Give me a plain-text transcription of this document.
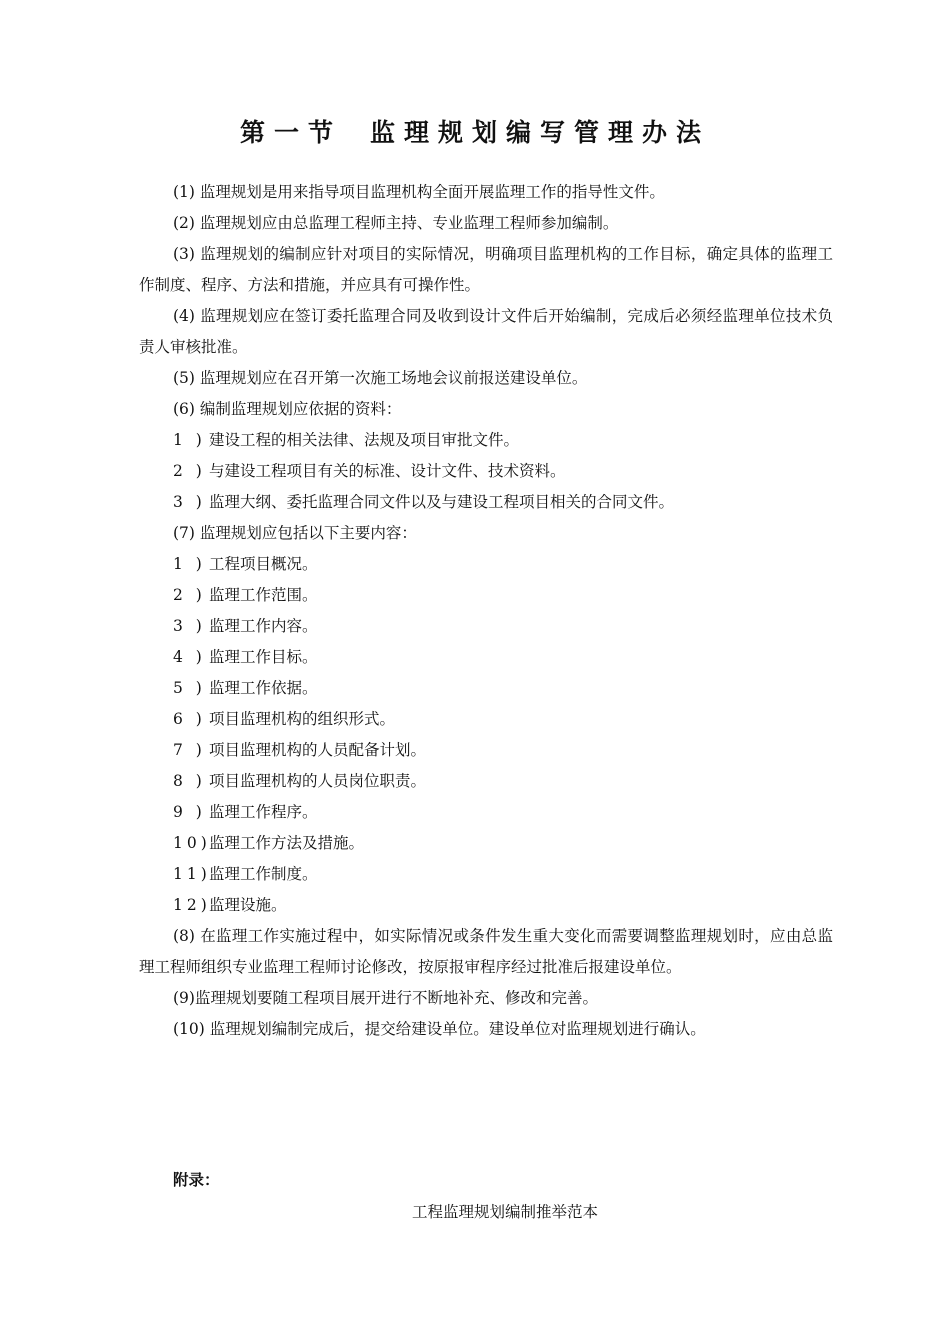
第一节 监理规划编写管理办法

(1) 监理规划是用来指导项目监理机构全面开展监理工作的指导性文件。

(2) 监理规划应由总监理工程师主持、专业监理工程师参加编制。

(3) 监理规划的编制应针对项目的实际情况，明确项目监理机构的工作目标，确定具体的监理工作制度、程序、方法和措施，并应具有可操作性。

(4) 监理规划应在签订委托监理合同及收到设计文件后开始编制，完成后必须经监理单位技术负责人审核批准。

(5) 监理规划应在召开第一次施工场地会议前报送建设单位。

(6) 编制监理规划应依据的资料：

1 ) 建设工程的相关法律、法规及项目审批文件。
2 ) 与建设工程项目有关的标准、设计文件、技术资料。
3 ) 监理大纲、委托监理合同文件以及与建设工程项目相关的合同文件。

(7) 监理规划应包括以下主要内容：

1 ) 工程项目概况。
2 ) 监理工作范围。
3 ) 监理工作内容。
4 ) 监理工作目标。
5 ) 监理工作依据。
6 ) 项目监理机构的组织形式。
7 ) 项目监理机构的人员配备计划。
8 ) 项目监理机构的人员岗位职责。
9 ) 监理工作程序。
10)监理工作方法及措施。
11)监理工作制度。
12)监理设施。

(8) 在监理工作实施过程中，如实际情况或条件发生重大变化而需要调整监理规划时，应由总监理工程师组织专业监理工程师讨论修改，按原报审程序经过批准后报建设单位。

(9)监理规划要随工程项目展开进行不断地补充、修改和完善。

(10) 监理规划编制完成后，提交给建设单位。建设单位对监理规划进行确认。

附录：
工程监理规划编制推举范本
